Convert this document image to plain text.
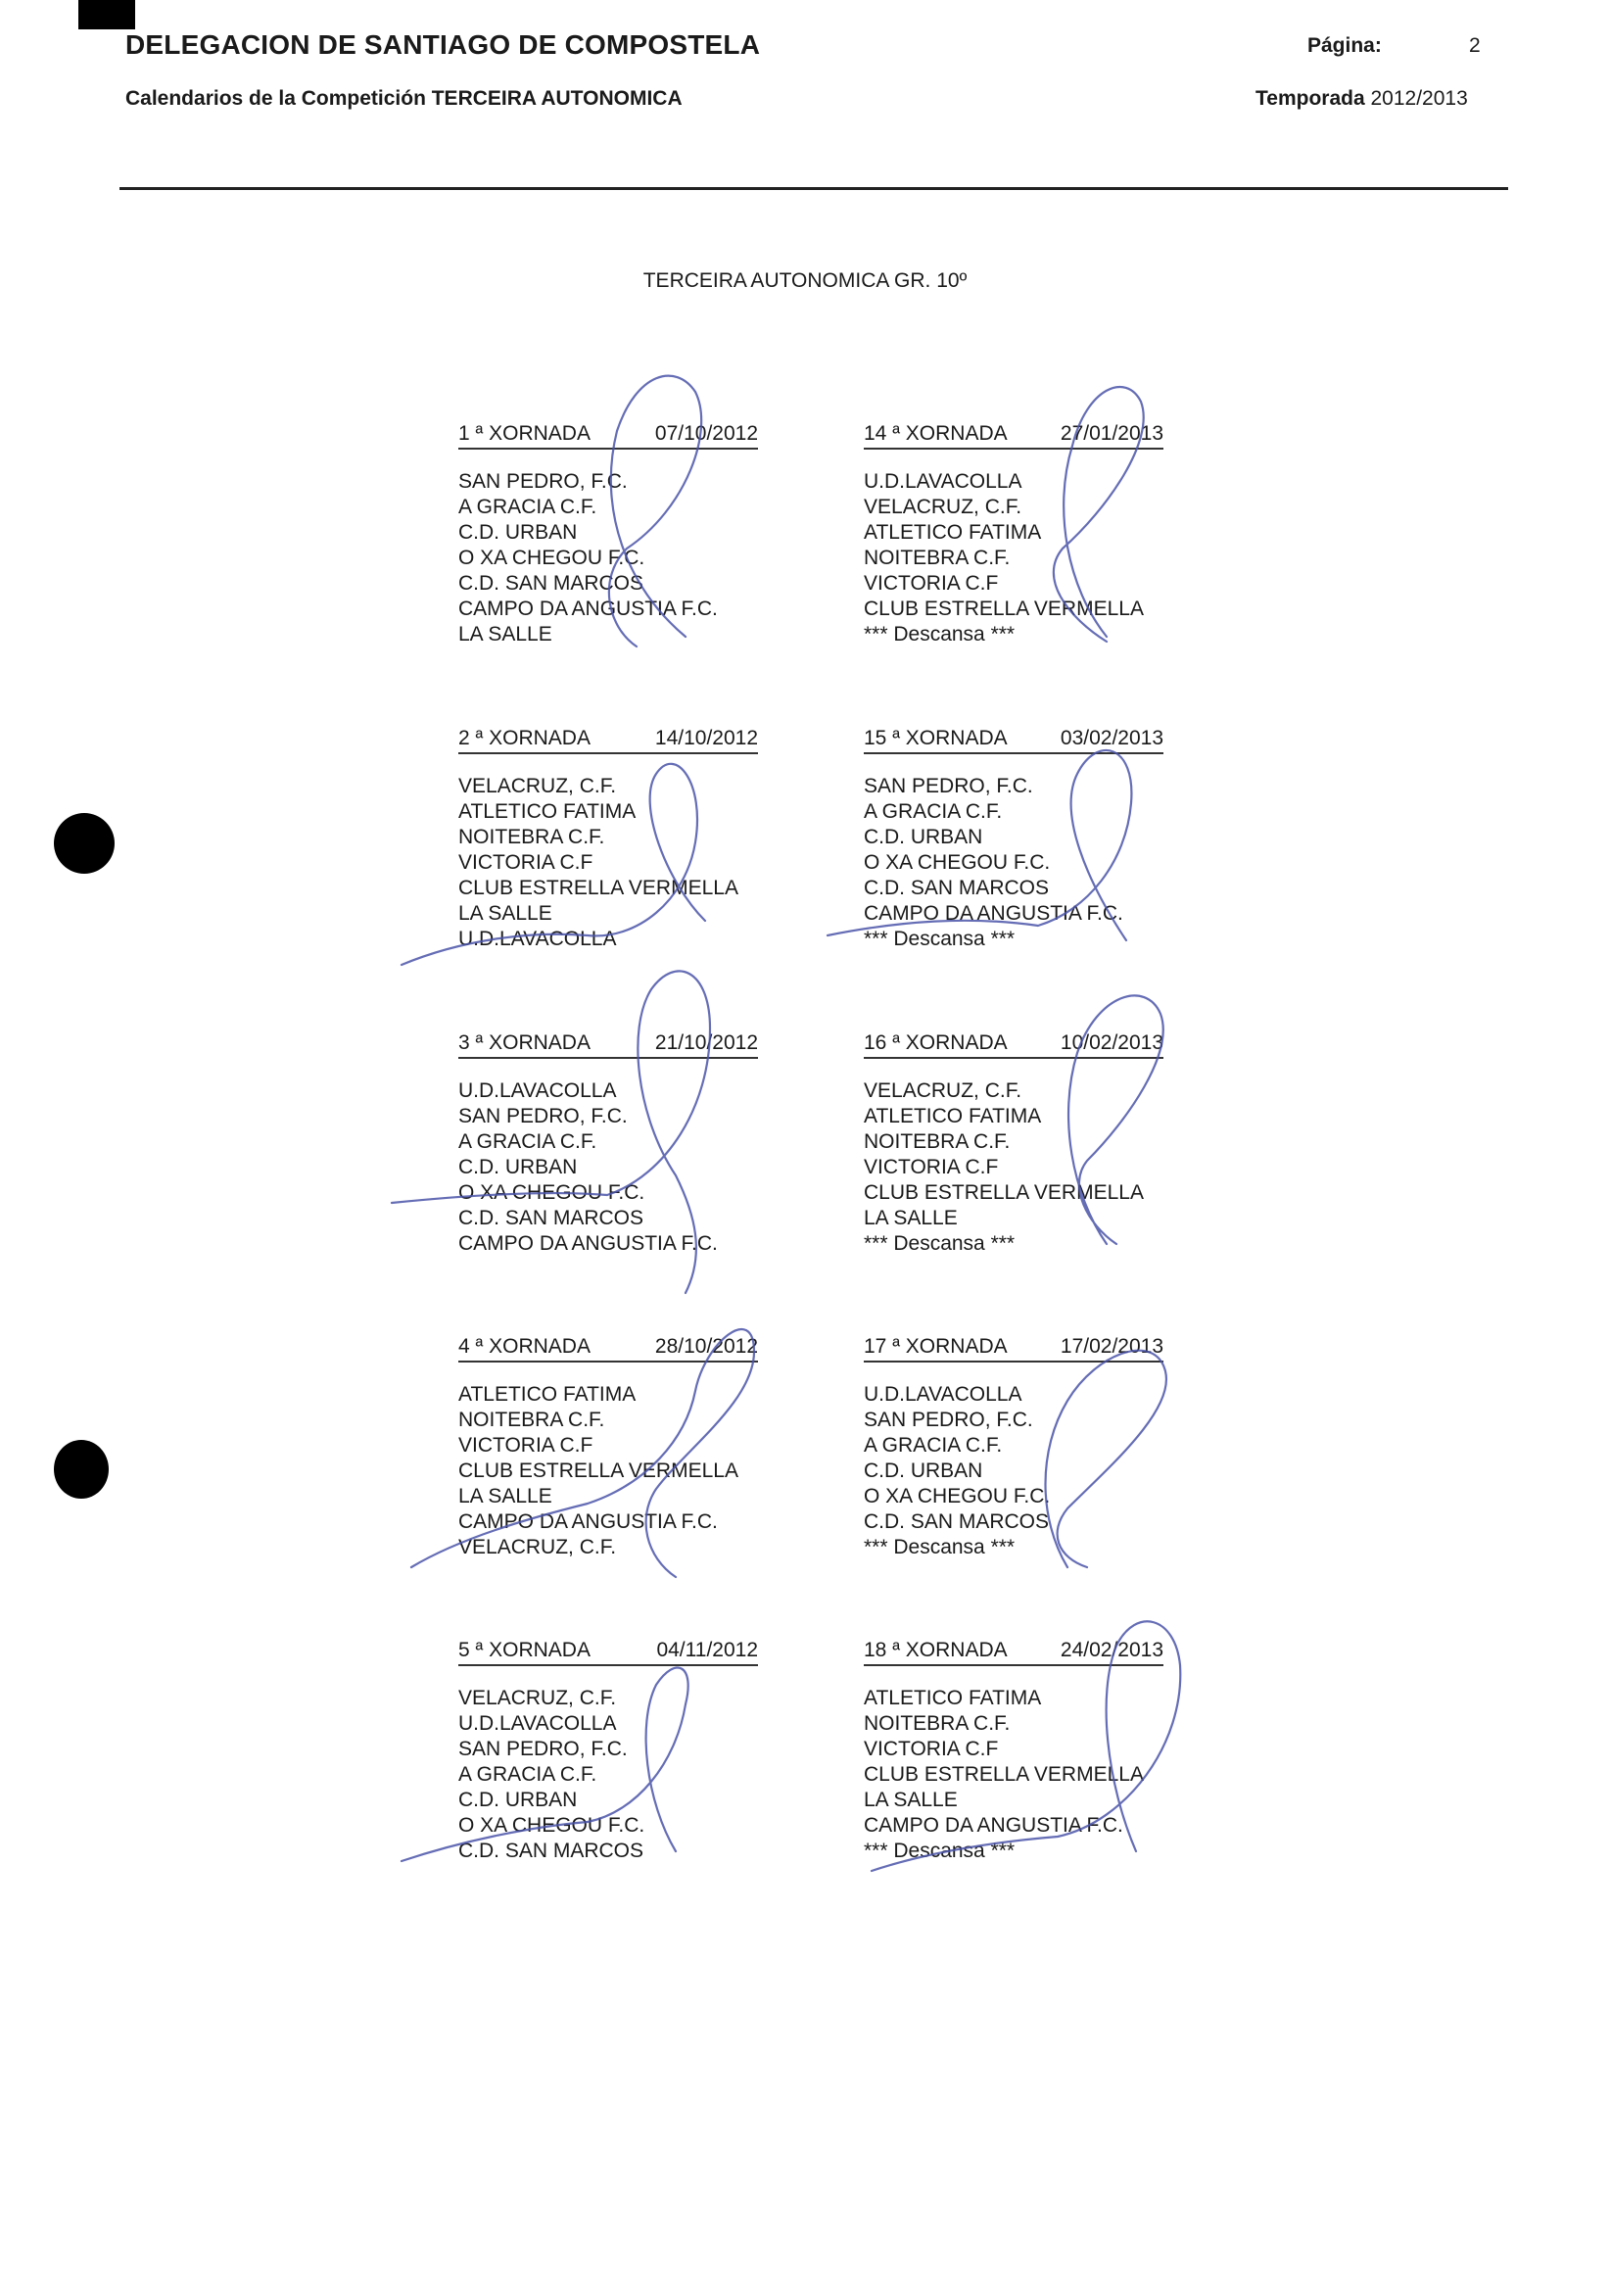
DELEGACION DE SANTIAGO DE COMPOSTELA
Calendarios de la Competición TERCEIRA AUTONOMICA
Página:	2
Temporada 2012/2013
TERCEIRA AUTONOMICA GR. 10º
1 ª XORNADA	07/10/2012
SAN PEDRO, F.C.
A GRACIA C.F.
C.D. URBAN
O XA CHEGOU F.C.
C.D. SAN MARCOS
CAMPO DA ANGUSTIA F.C.
LA SALLE
14 ª XORNADA	27/01/2013
U.D.LAVACOLLA
VELACRUZ, C.F.
ATLETICO FATIMA
NOITEBRA C.F.
VICTORIA C.F
CLUB ESTRELLA VERMELLA
*** Descansa ***
2 ª XORNADA	14/10/2012
VELACRUZ, C.F.
ATLETICO FATIMA
NOITEBRA C.F.
VICTORIA C.F
CLUB ESTRELLA VERMELLA
LA SALLE
U.D.LAVACOLLA
15 ª XORNADA	03/02/2013
SAN PEDRO, F.C.
A GRACIA C.F.
C.D. URBAN
O XA CHEGOU F.C.
C.D. SAN MARCOS
CAMPO DA ANGUSTIA F.C.
*** Descansa ***
3 ª XORNADA	21/10/2012
U.D.LAVACOLLA
SAN PEDRO, F.C.
A GRACIA C.F.
C.D. URBAN
O XA CHEGOU F.C.
C.D. SAN MARCOS
CAMPO DA ANGUSTIA F.C.
16 ª XORNADA	10/02/2013
VELACRUZ, C.F.
ATLETICO FATIMA
NOITEBRA C.F.
VICTORIA C.F
CLUB ESTRELLA VERMELLA
LA SALLE
*** Descansa ***
4 ª XORNADA	28/10/2012
ATLETICO FATIMA
NOITEBRA C.F.
VICTORIA C.F
CLUB ESTRELLA VERMELLA
LA SALLE
CAMPO DA ANGUSTIA F.C.
VELACRUZ, C.F.
17 ª XORNADA	17/02/2013
U.D.LAVACOLLA
SAN PEDRO, F.C.
A GRACIA C.F.
C.D. URBAN
O XA CHEGOU F.C.
C.D. SAN MARCOS
*** Descansa ***
5 ª XORNADA	04/11/2012
VELACRUZ, C.F.
U.D.LAVACOLLA
SAN PEDRO, F.C.
A GRACIA C.F.
C.D. URBAN
O XA CHEGOU F.C.
C.D. SAN MARCOS
18 ª XORNADA	24/02/2013
ATLETICO FATIMA
NOITEBRA C.F.
VICTORIA C.F
CLUB ESTRELLA VERMELLA
LA SALLE
CAMPO DA ANGUSTIA F.C.
*** Descansa ***
